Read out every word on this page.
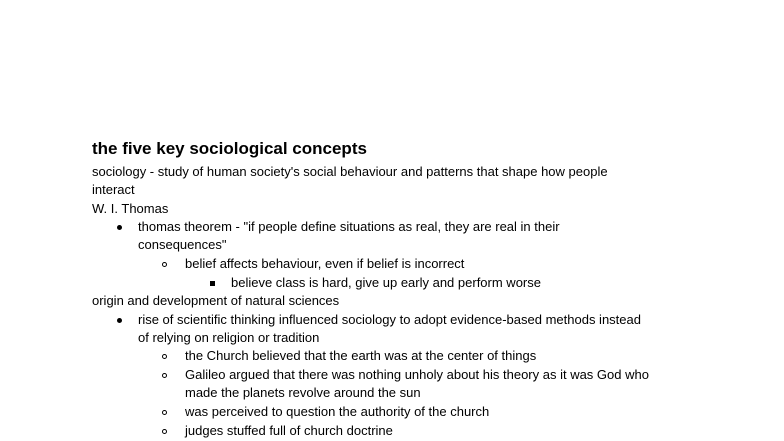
the five key sociological concepts
sociology - study of human society's social behaviour and patterns that shape how people
interact
W. I. Thomas
thomas theorem - "if people define situations as real, they are real in their
consequences"
belief affects behaviour, even if belief is incorrect
believe class is hard, give up early and perform worse
origin and development of natural sciences
rise of scientific thinking influenced sociology to adopt evidence-based methods instead
of relying on religion or tradition
the Church believed that the earth was at the center of things
Galileo argued that there was nothing unholy about his theory as it was God who
made the planets revolve around the sun
was perceived to question the authority of the church
judges stuffed full of church doctrine
